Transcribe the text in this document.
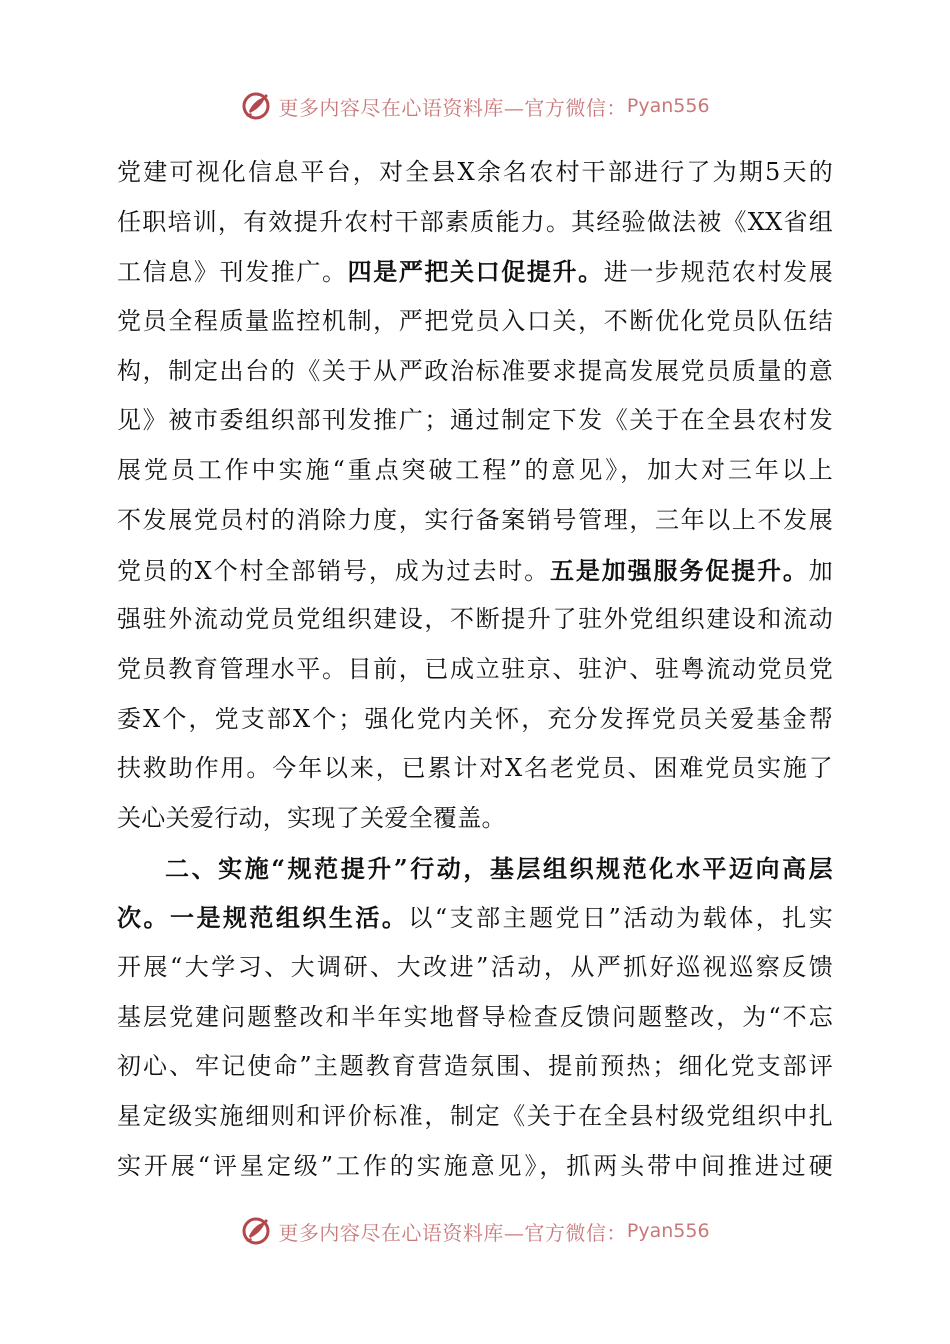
更多内容尽在心语资料库—官方微信： Pyan556
党建可视化信息平台，对全县X余名农村干部进行了为期5天的
任职培训，有效提升农村干部素质能力。其经验做法被《XX省组
工信息》刊发推广。四是严把关口促提升。进一步规范农村发展
党员全程质量监控机制，严把党员入口关，不断优化党员队伍结
构，制定出台的《关于从严政治标准要求提高发展党员质量的意
见》被市委组织部刊发推广；通过制定下发《关于在全县农村发
展党员工作中实施“重点突破工程”的意见》，加大对三年以上
不发展党员村的消除力度，实行备案销号管理，三年以上不发展
党员的X个村全部销号，成为过去时。五是加强服务促提升。加
强驻外流动党员党组织建设，不断提升了驻外党组织建设和流动
党员教育管理水平。目前，已成立驻京、驻沪、驻粤流动党员党
委X个，党支部X个；强化党内关怀，充分发挥党员关爱基金帮
扶救助作用。今年以来，已累计对X名老党员、困难党员实施了
关心关爱行动，实现了关爱全覆盖。
二、实施“规范提升”行动，基层组织规范化水平迈向高层
次。一是规范组织生活。以“支部主题党日”活动为载体，扎实
开展“大学习、大调研、大改进”活动，从严抓好巡视巡察反馈
基层党建问题整改和半年实地督导检查反馈问题整改，为“不忘
初心、牢记使命”主题教育营造氛围、提前预热；细化党支部评
星定级实施细则和评价标准，制定《关于在全县村级党组织中扎
实开展“评星定级”工作的实施意见》，抓两头带中间推进过硬
更多内容尽在心语资料库—官方微信： Pyan556
